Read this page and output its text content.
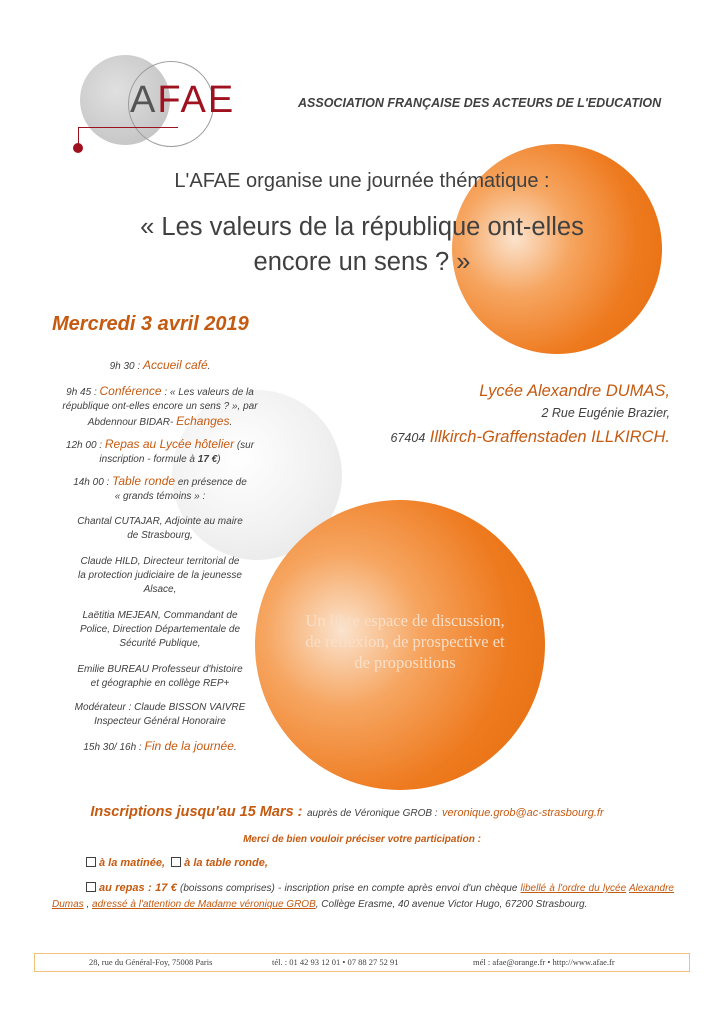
AFAE	ASSOCIATION FRANÇAISE DES ACTEURS DE L'EDUCATION
L'AFAE organise une journée thématique :
« Les valeurs de la république ont-elles
encore un sens ? »
Mercredi 3 avril 2019
Lycée Alexandre DUMAS,
2 Rue Eugénie Brazier,
67404 Illkirch-Graffenstaden ILLKIRCH.

9h 30 : Accueil café.

9h 45 : Conférence : « Les valeurs de la
république ont-elles encore un sens ? », par
Abdennour BIDAR- Echanges.

12h 00 : Repas au Lycée hôtelier (sur
inscription - formule à 17 €)

14h 00 : Table ronde en présence de
« grands témoins » :

Chantal CUTAJAR, Adjointe au maire
de Strasbourg,

Claude HILD, Directeur territorial de
la protection judiciaire de la jeunesse
Alsace,

Laëtitia MEJEAN, Commandant de
Police, Direction Départementale de
Sécurité Publique,

Emilie BUREAU Professeur d'histoire
et géographie en collège REP+

Modérateur : Claude BISSON VAIVRE
Inspecteur Général Honoraire

15h 30/ 16h : Fin de la journée.

Un libre espace de discussion,
de réflexion, de prospective et
de propositions
Inscriptions jusqu'au 15 Mars : auprès de Véronique GROB : veronique.grob@ac-strasbourg.fr
Merci de bien vouloir préciser votre participation :
à la matinée, à la table ronde,
au repas : 17 € (boissons comprises) - inscription prise en compte après envoi d'un chèque libellé à l'ordre du lycée Alexandre Dumas , adressé à l'attention de Madame véronique GROB, Collège Erasme, 40 avenue Victor Hugo, 67200 Strasbourg.
28, rue du Général-Foy, 75008 Paris	tél. : 01 42 93 12 01 • 07 88 27 52 91	mél : afae@orange.fr • http://www.afae.fr
